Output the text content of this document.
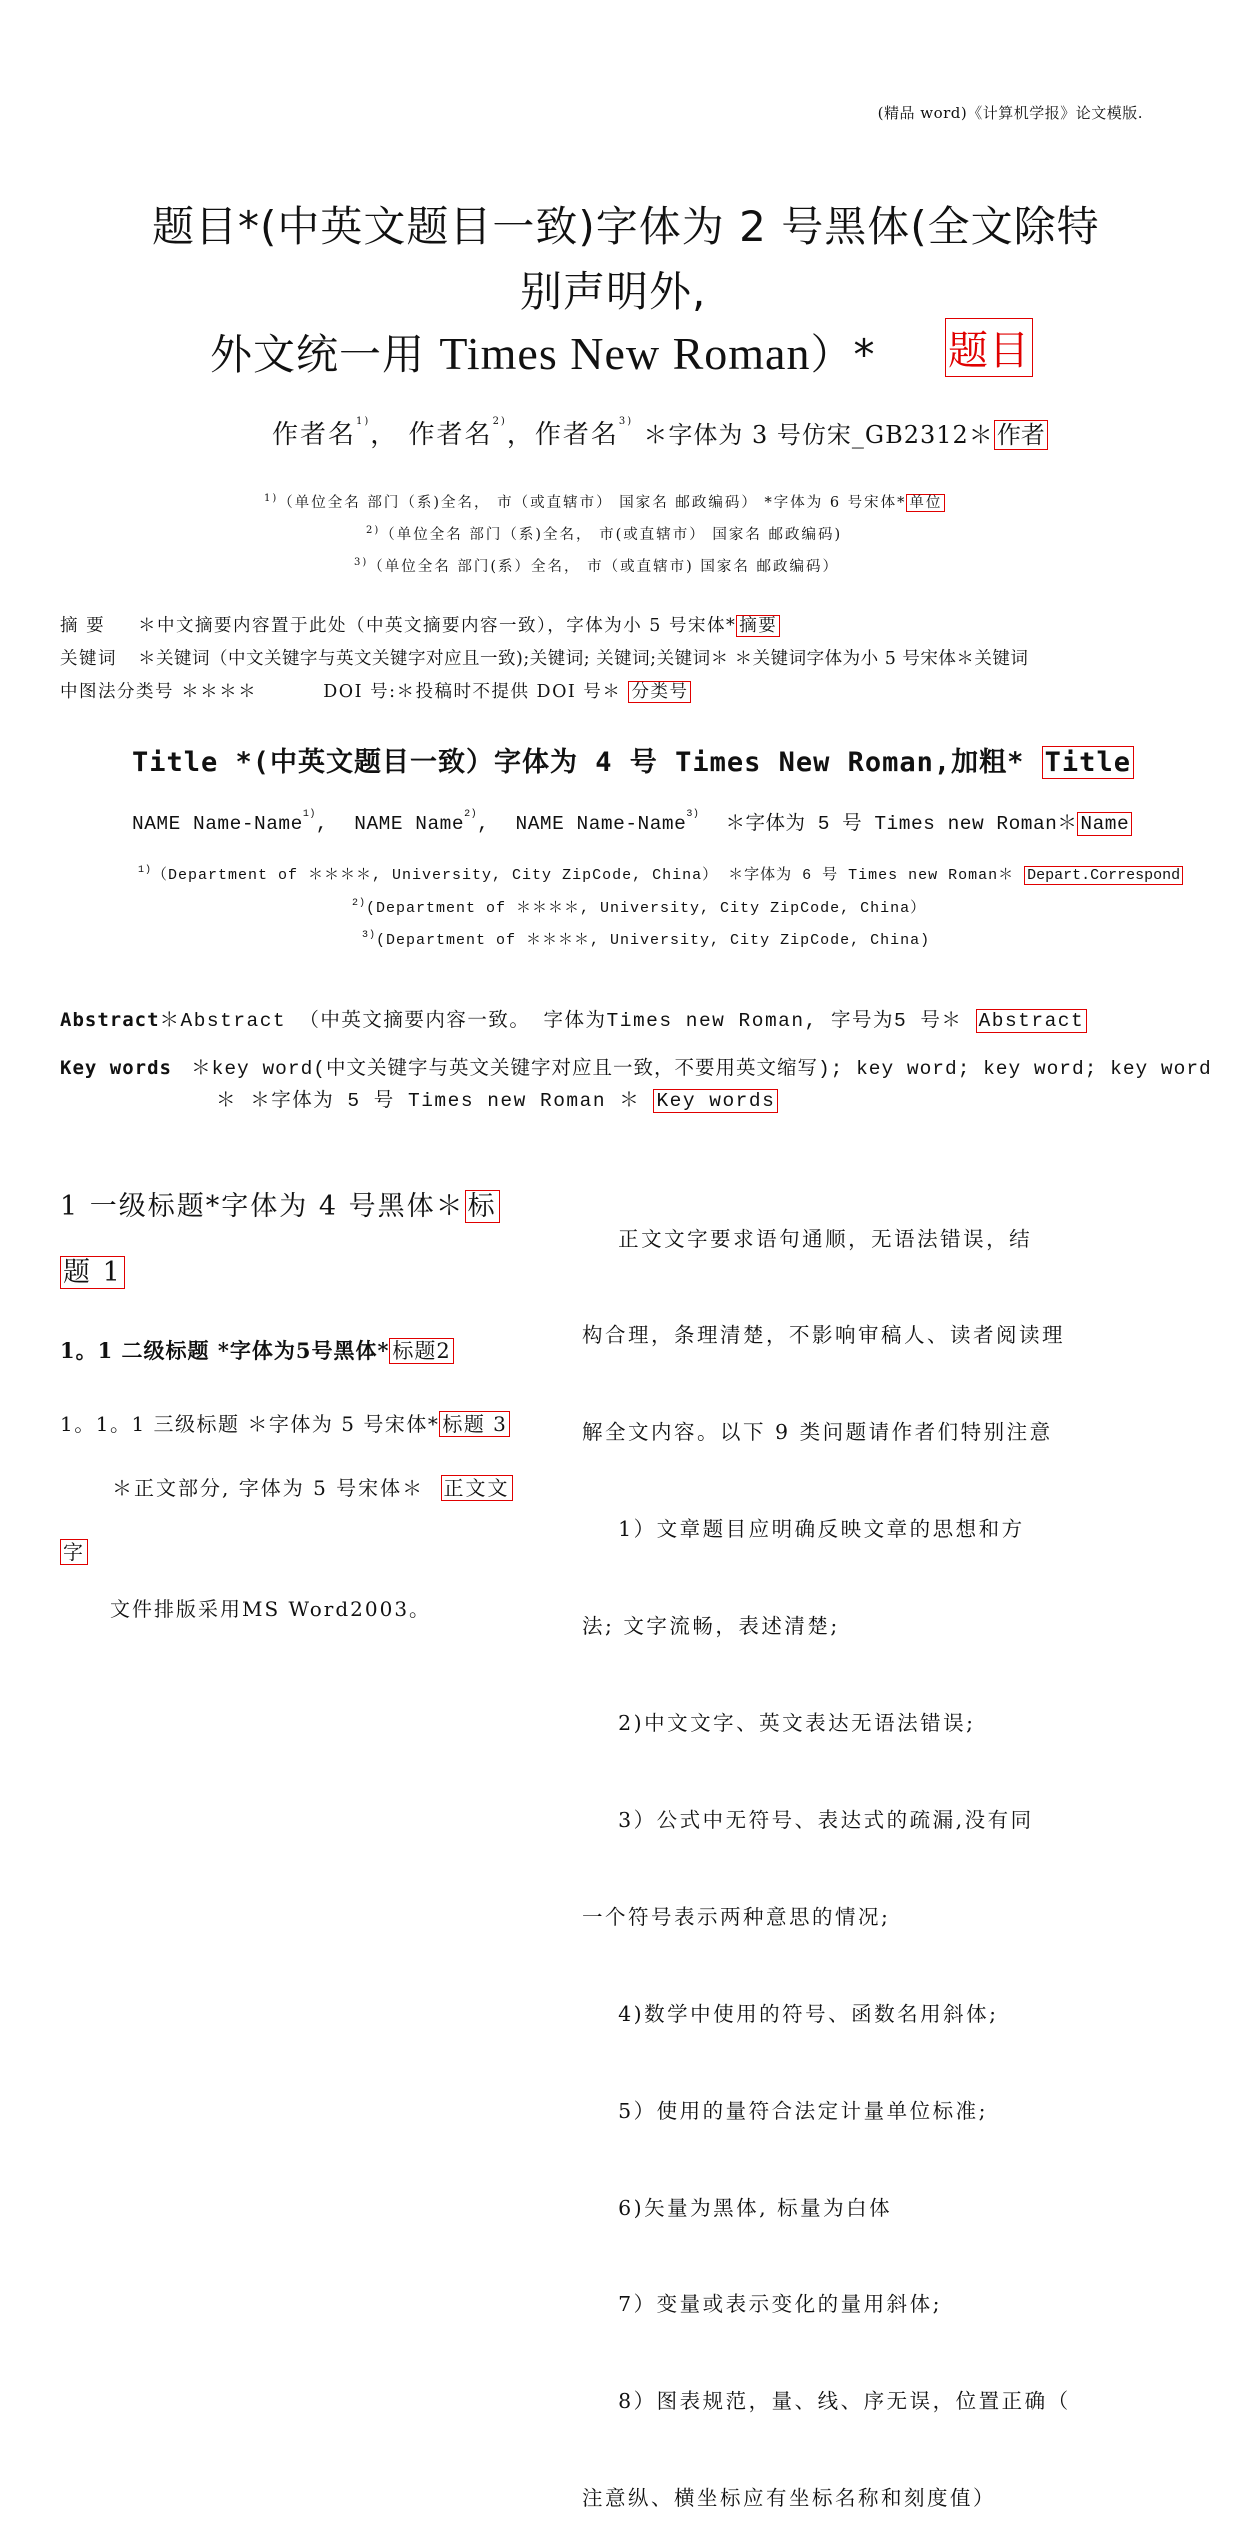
(精品 word)《计算机学报》论文模版.
题目*(中英文题目一致)字体为 2 号黑体(全文除特
别声明外,
外文统一用 Times New Roman）* 题目
作者名$^{1)}$， 作者名$^{2)}$，作者名$^{3)}$ ＊字体为 3 号仿宋_GB2312＊ 作者
$^{1)}$（单位全名 部门（系)全名， 市（或直辖市） 国家名 邮政编码） *字体为 6 号宋体* 单位
$^{2)}$（单位全名 部门（系)全名， 市(或直辖市） 国家名 邮政编码)
$^{3)}$（单位全名 部门(系）全名， 市（或直辖市) 国家名 邮政编码）
摘 要 ＊中文摘要内容置于此处（中英文摘要内容一致），字体为小 5 号宋体* 摘要
关键词 ＊关键词（中文关键字与英文关键字对应且一致);关键词; 关键词;关键词＊ ＊关键词字体为小 5 号宋体＊关键词
中图法分类号 ＊＊＊＊	DOI 号:＊投稿时不提供 DOI 号＊ 分类号
Title *(中英文题目一致）字体为 4 号 Times New Roman,加粗* Title
NAME Name-Name$^{1)}$, NAME Name$^{2)}$, NAME Name-Name$^{3)}$ ＊字体为 5 号 Times new Roman＊ Name
$^{1)}$（Department of ＊＊＊＊, University, City ZipCode, China） ＊字体为 6 号 Times new Roman＊ Depart.Correspond
$^{2)}$(Department of ＊＊＊＊, University, City ZipCode, China）
$^{3)}$(Department of ＊＊＊＊, University, City ZipCode, China)
Abstract＊Abstract （中英文摘要内容一致。 字体为Times new Roman, 字号为5 号＊ Abstract
Key words ＊key word(中文关键字与英文关键字对应且一致，不要用英文缩写); key word; key word; key word
＊ ＊字体为 5 号 Times new Roman ＊ Key words
1 一级标题*字体为 4 号黑体＊ 标
题 1
1。1 二级标题 *字体为5号黑体* 标题2
1。1。1 三级标题 ＊字体为 5 号宋体* 标题 3
＊正文部分, 字体为 5 号宋体＊ 正文文
字
文件排版采用MS Word2003。

正文文字要求语句通顺，无语法错误，结

构合理，条理清楚，不影响审稿人、读者阅读理

解全文内容。以下 9 类问题请作者们特别注意

1）文章题目应明确反映文章的思想和方

法; 文字流畅，表述清楚;

2)中文文字、英文表达无语法错误;

3）公式中无符号、表达式的疏漏,没有同

一个符号表示两种意思的情况;

4)数学中使用的符号、函数名用斜体;

5）使用的量符合法定计量单位标准;

6)矢量为黑体, 标量为白体

7）变量或表示变化的量用斜体;

8）图表规范，量、线、序无误，位置正确（

注意纵、横坐标应有坐标名称和刻度值）
